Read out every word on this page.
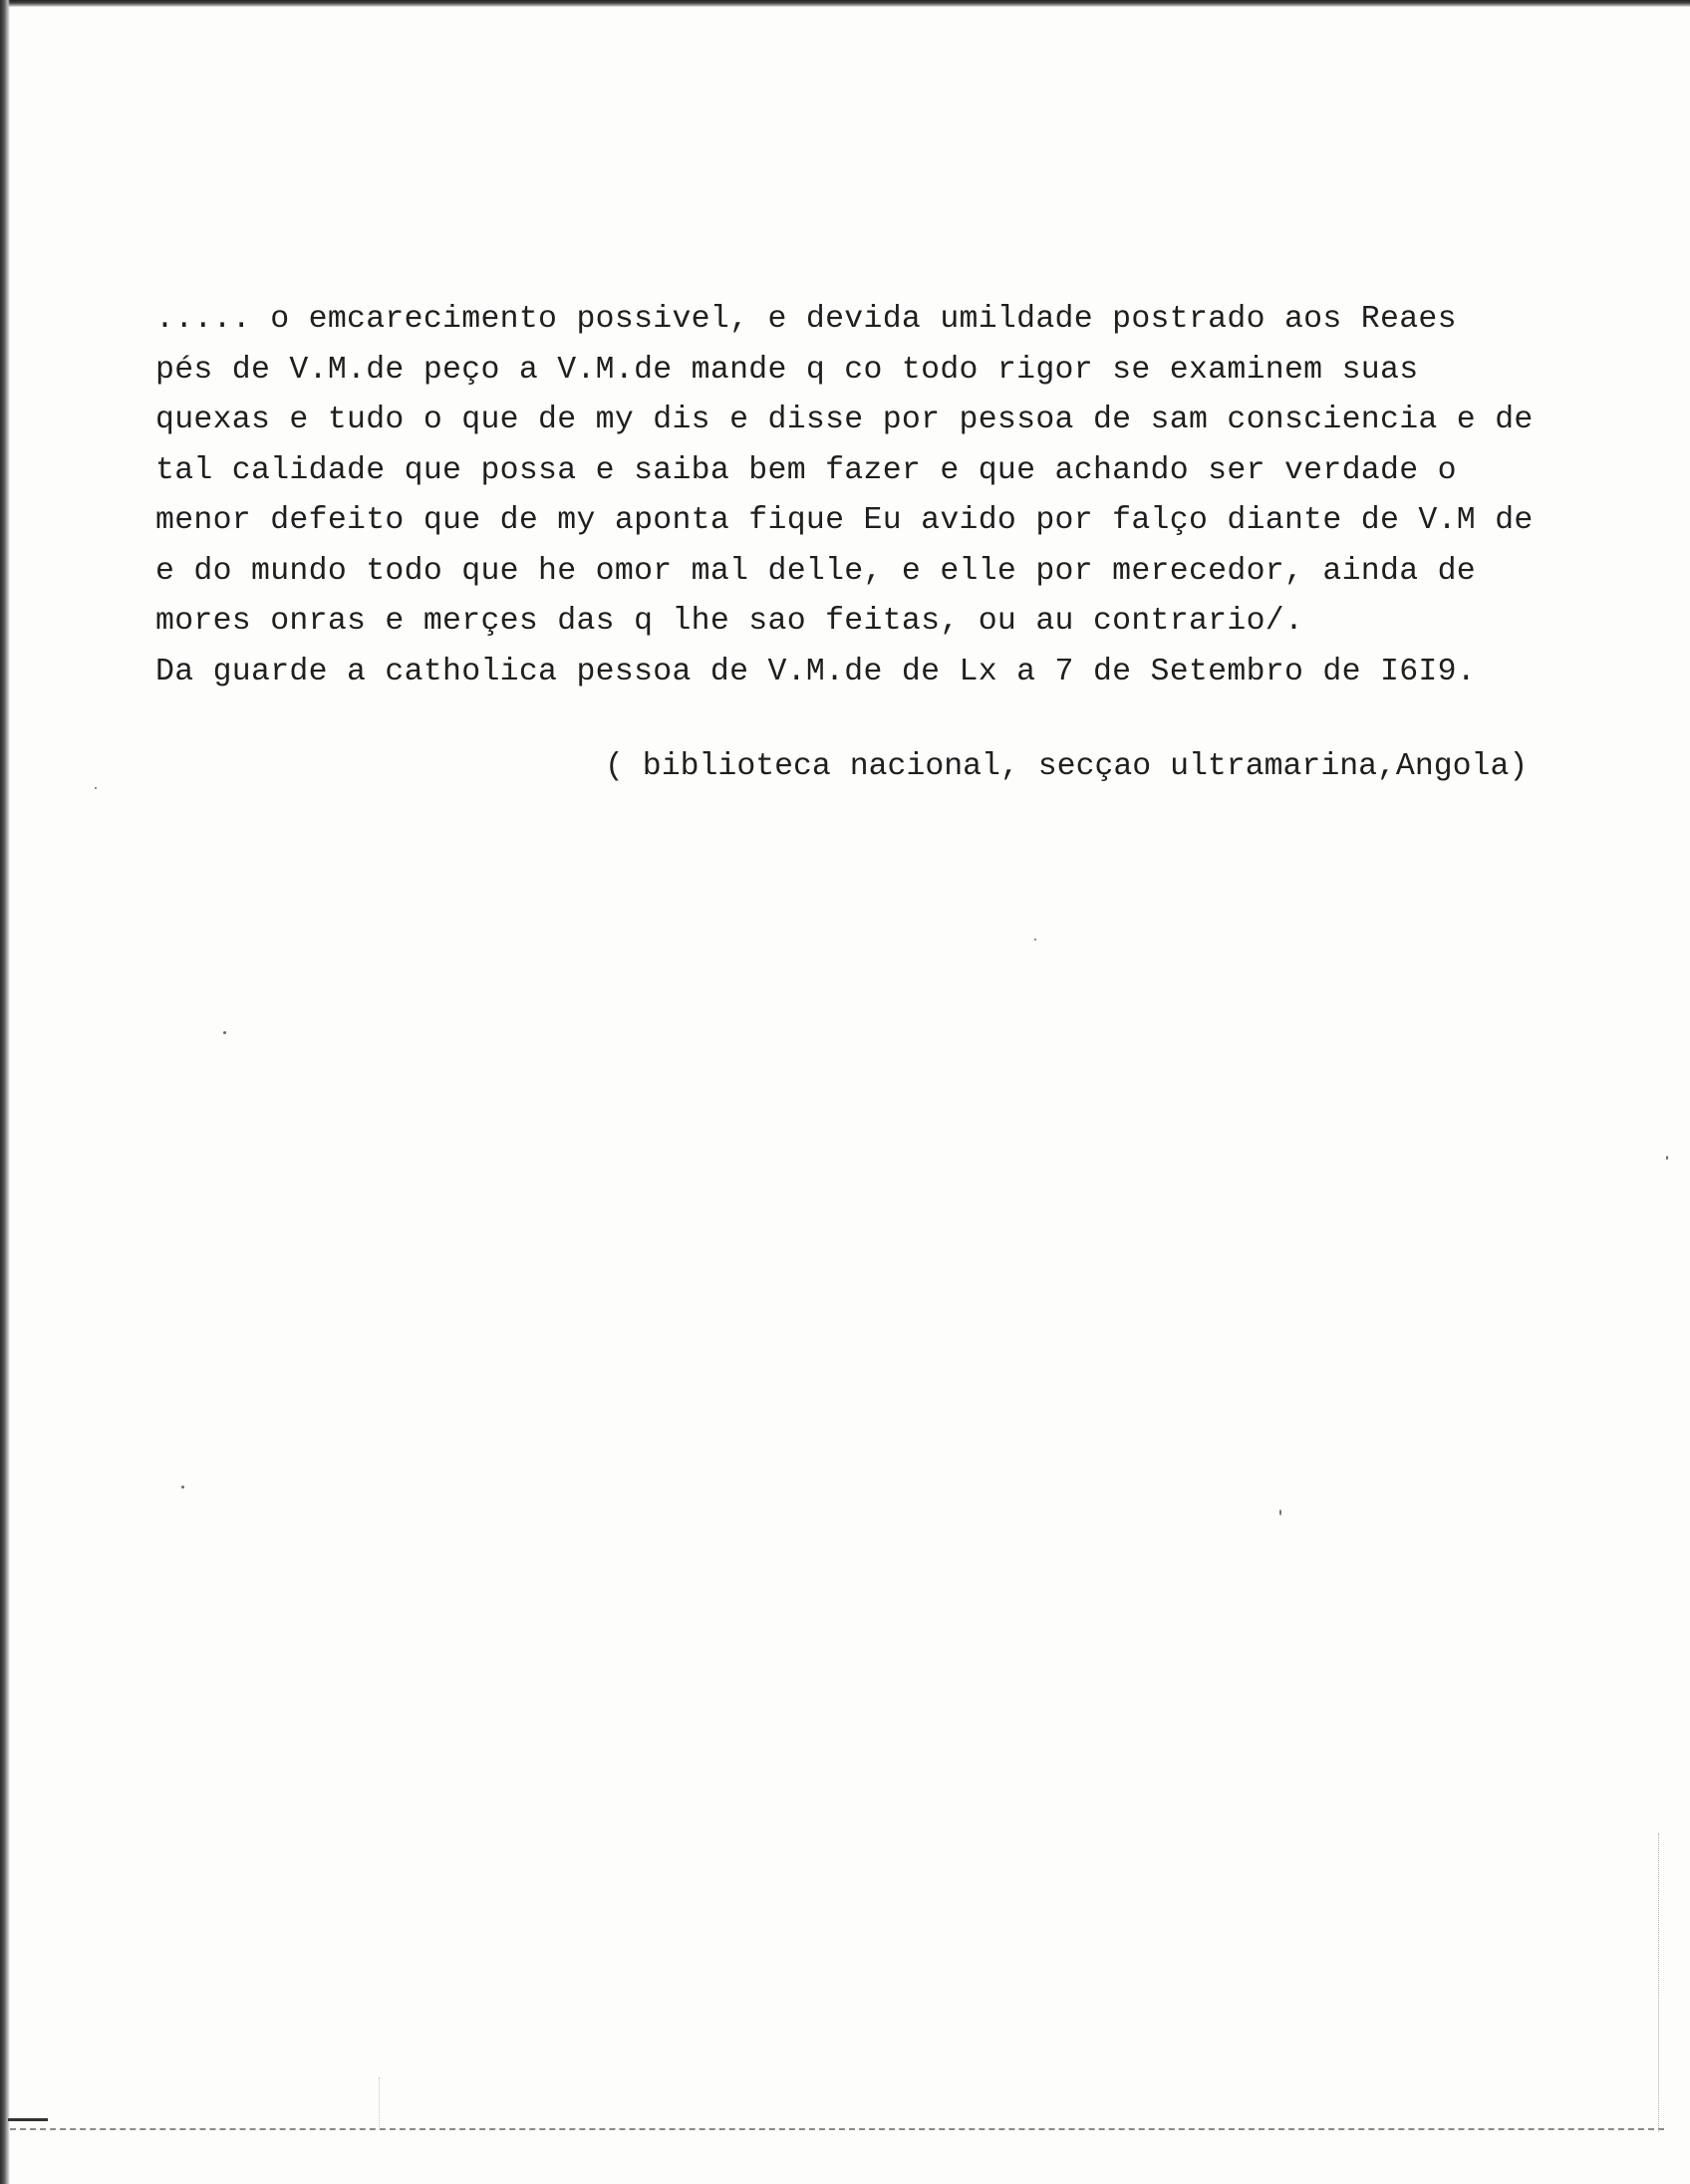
..... o emcarecimento possivel, e devida umildade postrado aos Reaes
pés de V.M.de peço a V.M.de mande q co todo rigor se examinem suas
quexas e tudo o que de my dis e disse por pessoa de sam consciencia e de
tal calidade que possa e saiba bem fazer e que achando ser verdade o
menor defeito que de my aponta fique Eu avido por falço diante de V.M de
e do mundo todo que he omor mal delle, e elle por merecedor, ainda de
mores onras e merçes das q lhe sao feitas, ou au contrario/.
Da guarde a catholica pessoa de V.M.de de Lx a 7 de Setembro de I6I9.
( biblioteca nacional, secçao ultramarina,Angola)
